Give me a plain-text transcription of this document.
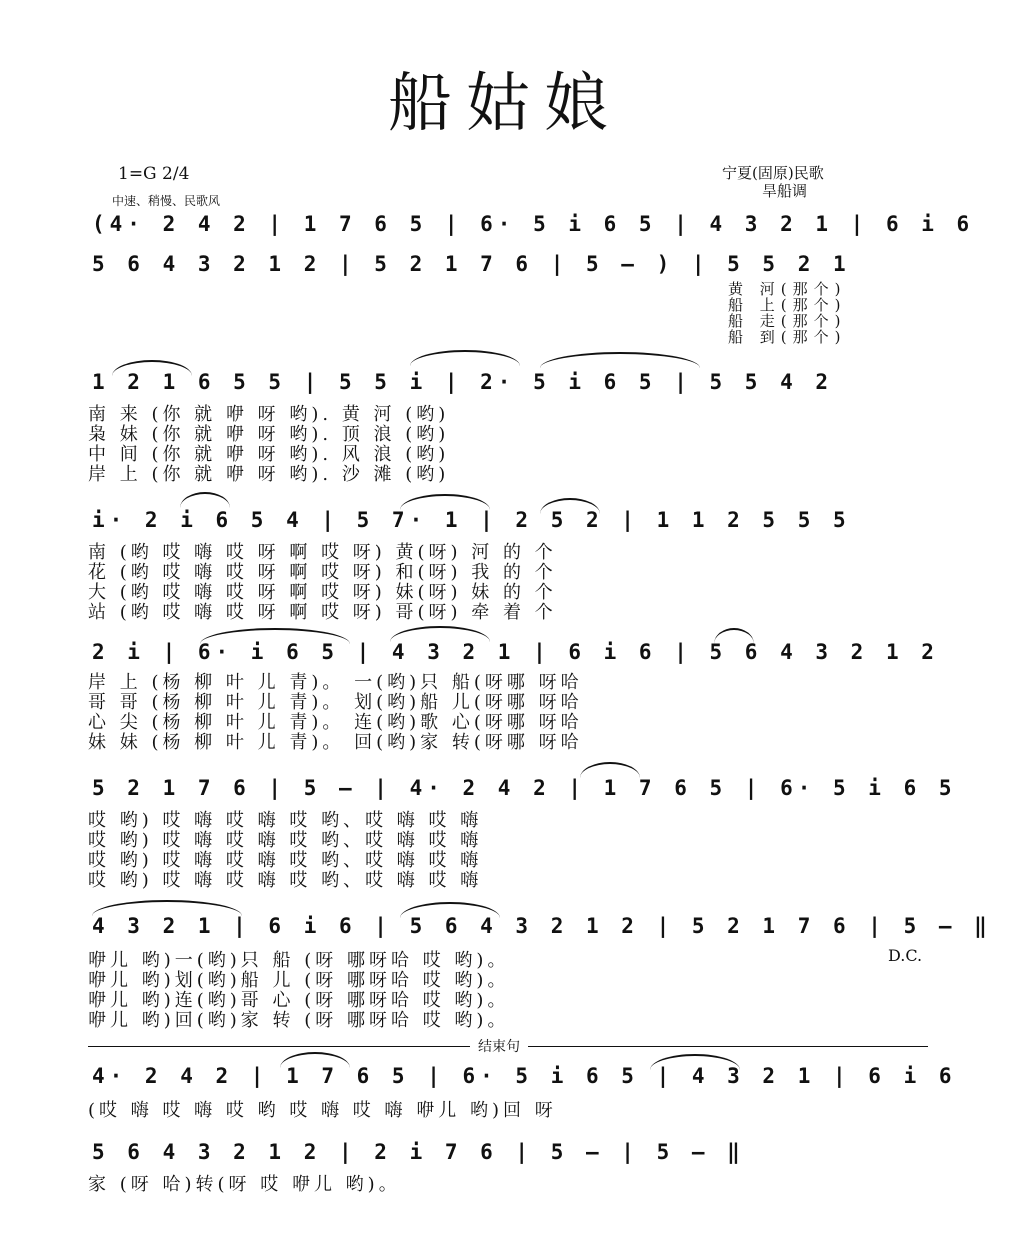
船姑娘
1=G 2/4
中速、稍慢、民歌风
宁夏(固原)民歌
旱船调
(4· 2 4 2 | 1 7 6 5 | 6· 5 i 6 5 | 4 3 2 1 | 6 i 6
5 6 4 3 2 1 2 | 5 2 1 7 6 | 5 — ) | 5 5 2 1
黄 河(那个)
船 上(那个)
船 走(那个)
船 到(那个)
1 2 1 6 5 5 | 5 5 i | 2· 5 i 6 5 | 5 5 4 2
南 来 (你 就 咿 呀 哟). 黄 河 (哟)
枭 妹 (你 就 咿 呀 哟). 顶 浪 (哟)
中 间 (你 就 咿 呀 哟). 风 浪 (哟)
岸 上 (你 就 咿 呀 哟). 沙 滩 (哟)
i· 2 i 6 5 4 | 5 7· 1 | 2 5 2 | 1 1 2 5 5 5
南 (哟 哎 嗨 哎 呀 啊 哎 呀) 黄(呀) 河 的 个
花 (哟 哎 嗨 哎 呀 啊 哎 呀) 和(呀) 我 的 个
大 (哟 哎 嗨 哎 呀 啊 哎 呀) 妹(呀) 妹 的 个
站 (哟 哎 嗨 哎 呀 啊 哎 呀) 哥(呀) 牵 着 个
2 i | 6· i 6 5 | 4 3 2 1 | 6 i 6 | 5 6 4 3 2 1 2
岸 上 (杨 柳 叶 儿 青)。 一(哟)只 船(呀哪 呀哈
哥 哥 (杨 柳 叶 儿 青)。 划(哟)船 儿(呀哪 呀哈
心 尖 (杨 柳 叶 儿 青)。 连(哟)歌 心(呀哪 呀哈
妹 妹 (杨 柳 叶 儿 青)。 回(哟)家 转(呀哪 呀哈
5 2 1 7 6 | 5 — | 4· 2 4 2 | 1 7 6 5 | 6· 5 i 6 5
哎 哟) 哎 嗨 哎 嗨 哎 哟、哎 嗨 哎 嗨
哎 哟) 哎 嗨 哎 嗨 哎 哟、哎 嗨 哎 嗨
哎 哟) 哎 嗨 哎 嗨 哎 哟、哎 嗨 哎 嗨
哎 哟) 哎 嗨 哎 嗨 哎 哟、哎 嗨 哎 嗨
4 3 2 1 | 6 i 6 | 5 6 4 3 2 1 2 | 5 2 1 7 6 | 5 — ‖
D.C.
咿儿 哟)一(哟)只 船 (呀 哪呀哈 哎 哟)。
咿儿 哟)划(哟)船 儿 (呀 哪呀哈 哎 哟)。
咿儿 哟)连(哟)哥 心 (呀 哪呀哈 哎 哟)。
咿儿 哟)回(哟)家 转 (呀 哪呀哈 哎 哟)。
结束句
4· 2 4 2 | 1 7 6 5 | 6· 5 i 6 5 | 4 3 2 1 | 6 i 6
(哎 嗨 哎 嗨 哎 哟 哎 嗨 哎 嗨 咿儿 哟)回 呀
5 6 4 3 2 1 2 | 2 i 7 6 | 5 — | 5 — ‖
家 (呀 哈)转(呀 哎 咿儿 哟)。
